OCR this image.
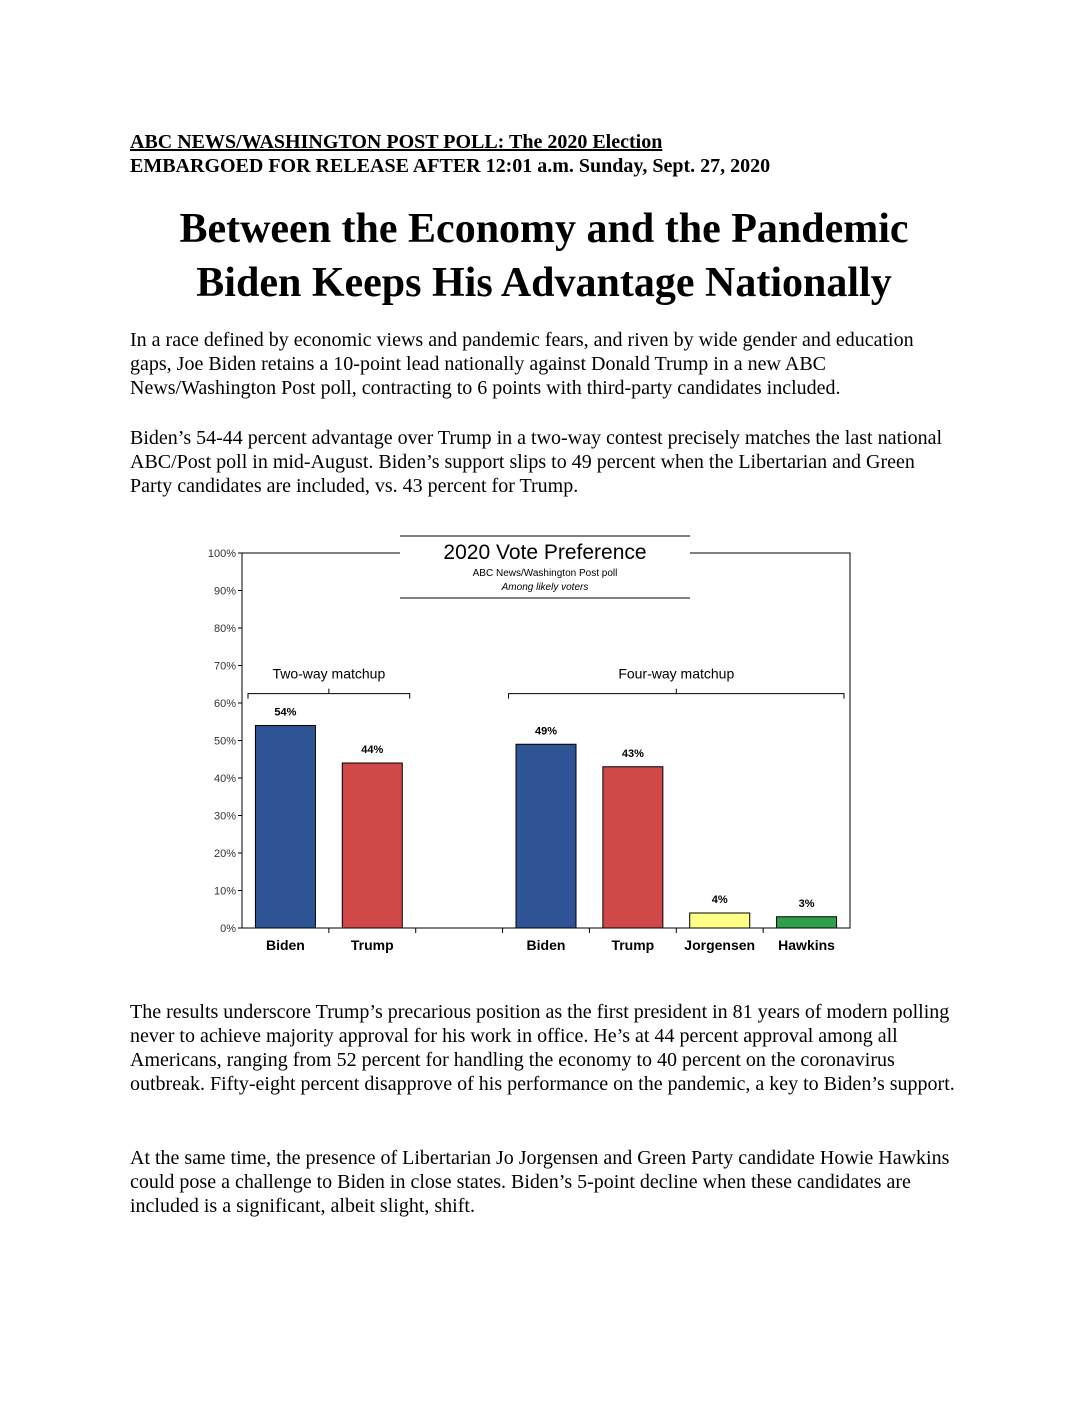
ABC NEWS/WASHINGTON POST POLL: The 2020 Election
EMBARGOED FOR RELEASE AFTER 12:01 a.m. Sunday, Sept. 27, 2020
Between the Economy and the Pandemic
Biden Keeps His Advantage Nationally
In a race defined by economic views and pandemic fears, and riven by wide gender and education gaps, Joe Biden retains a 10-point lead nationally against Donald Trump in a new ABC News/Washington Post poll, contracting to 6 points with third-party candidates included.
Biden’s 54-44 percent advantage over Trump in a two-way contest precisely matches the last national ABC/Post poll in mid-August. Biden’s support slips to 49 percent when the Libertarian and Green Party candidates are included, vs. 43 percent for Trump.
0%
10%
20%
30%
40%
50%
60%
70%
80%
90%
100%
54%
Biden
44%
Trump
Two-way matchup
49%
Biden
43%
Trump
4%
Jorgensen
3%
Hawkins
Four-way matchup
2020 Vote Preference
ABC News/Washington Post poll
Among likely voters
The results underscore Trump’s precarious position as the first president in 81 years of modern polling never to achieve majority approval for his work in office. He’s at 44 percent approval among all Americans, ranging from 52 percent for handling the economy to 40 percent on the coronavirus outbreak. Fifty-eight percent disapprove of his performance on the pandemic, a key to Biden’s support.
At the same time, the presence of Libertarian Jo Jorgensen and Green Party candidate Howie Hawkins could pose a challenge to Biden in close states. Biden’s 5-point decline when these candidates are included is a significant, albeit slight, shift.
